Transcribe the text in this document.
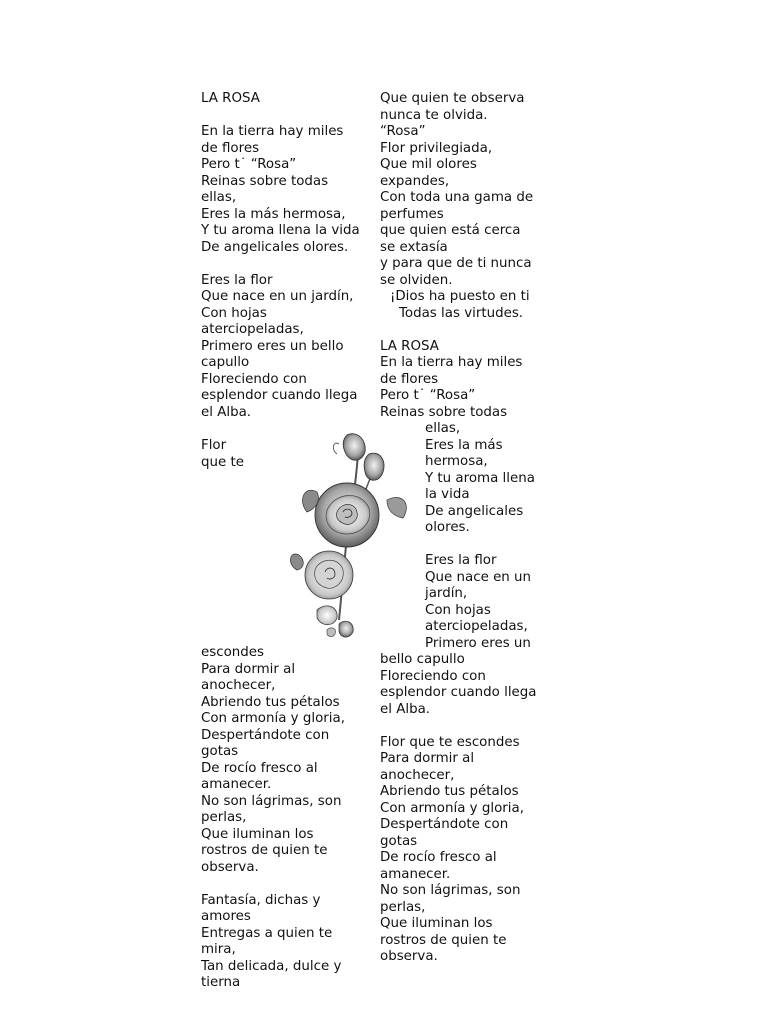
LA ROSA
En la tierra hay miles
de flores
Pero t˙ “Rosa”
Reinas sobre todas
ellas,
Eres la más hermosa,
Y tu aroma llena la vida
De angelicales olores.
Eres la flor
Que nace en un jardín,
Con hojas
aterciopeladas,
Primero eres un bello
capullo
Floreciendo con
esplendor cuando llega
el Alba.
Flor
que te
escondes
Para dormir al
anochecer,
Abriendo tus pétalos
Con armonía y gloria,
Despertándote con
gotas
De rocío fresco al
amanecer.
No son lágrimas, son
perlas,
Que iluminan los
rostros de quien te
observa.
Fantasía, dichas y
amores
Entregas a quien te
mira,
Tan delicada, dulce y
tierna
Que quien te observa
nunca te olvida.
“Rosa”
Flor privilegiada,
Que mil olores
expandes,
Con toda una gama de
perfumes
que quien está cerca
se extasía
y para que de ti nunca
se olviden.
¡Dios ha puesto en ti
Todas las virtudes.
LA ROSA
En la tierra hay miles
de flores
Pero t˙ “Rosa”
Reinas sobre todas
ellas,
Eres la más
hermosa,
Y tu aroma llena
la vida
De angelicales
olores.
Eres la flor
Que nace en un
jardín,
Con hojas
aterciopeladas,
Primero eres un
bello capullo
Floreciendo con
esplendor cuando llega
el Alba.
Flor que te escondes
Para dormir al
anochecer,
Abriendo tus pétalos
Con armonía y gloria,
Despertándote con
gotas
De rocío fresco al
amanecer.
No son lágrimas, son
perlas,
Que iluminan los
rostros de quien te
observa.
